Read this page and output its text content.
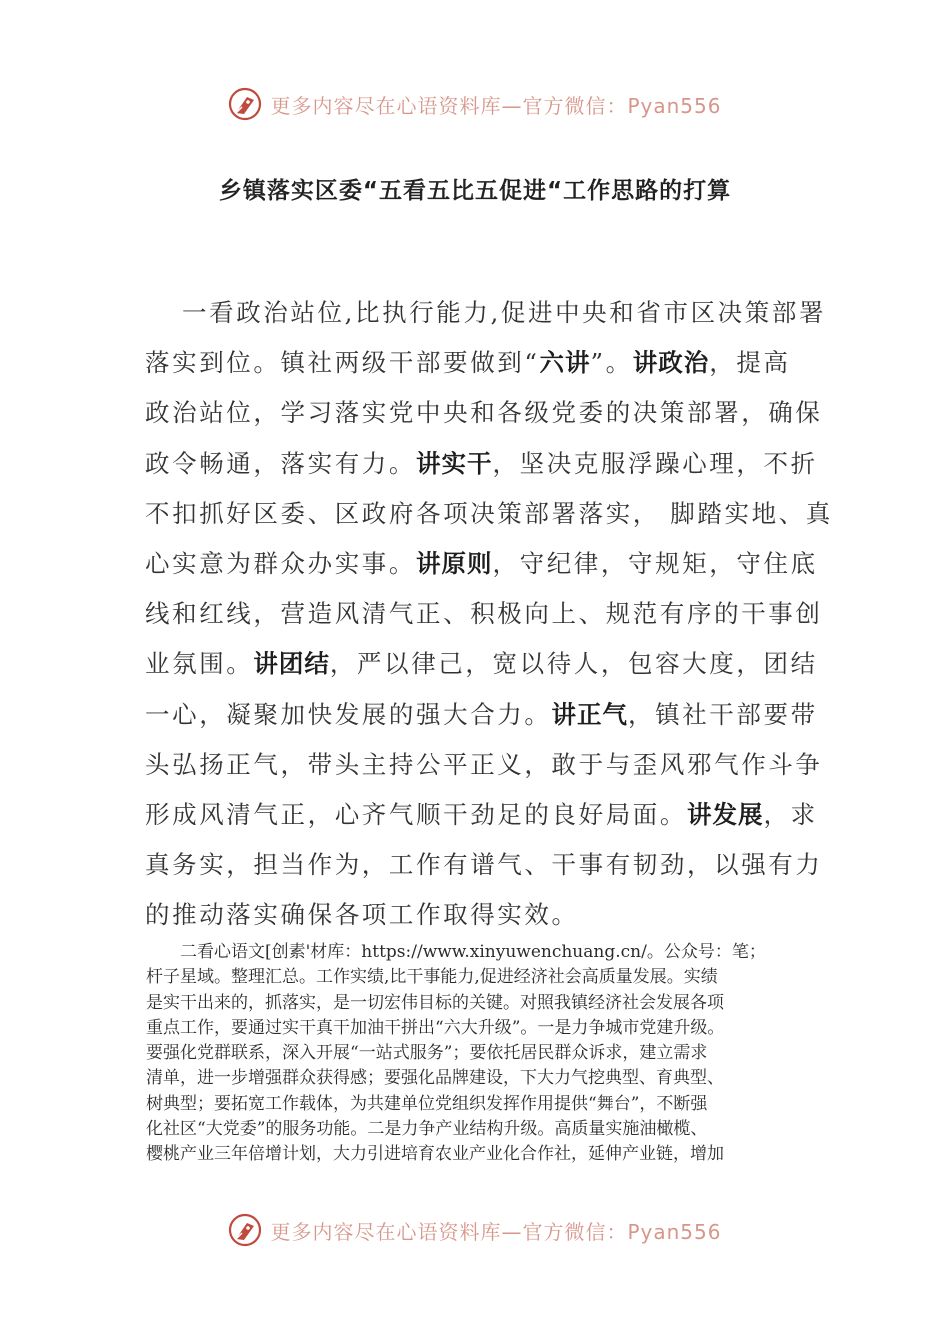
更多内容尽在心语资料库—官方微信：Pyan556
乡镇落实区委“五看五比五促进“工作思路的打算
一看政治站位,比执行能力,促进中央和省市区决策部署
落实到位。镇社两级干部要做到“六讲”。讲政治，提高
政治站位，学习落实党中央和各级党委的决策部署，确保
政令畅通，落实有力。讲实干，坚决克服浮躁心理，不折
不扣抓好区委、区政府各项决策部署落实， 脚踏实地、真
心实意为群众办实事。讲原则，守纪律，守规矩，守住底
线和红线，营造风清气正、积极向上、规范有序的干事创
业氛围。讲团结，严以律己，宽以待人，包容大度，团结
一心，凝聚加快发展的强大合力。讲正气，镇社干部要带
头弘扬正气，带头主持公平正义，敢于与歪风邪气作斗争
形成风清气正，心齐气顺干劲足的良好局面。讲发展，求
真务实，担当作为，工作有谱气、干事有韧劲，以强有力
的推动落实确保各项工作取得实效。
二看心语文[创素'材库：https://www.xinyuwenchuang.cn/。公众号：笔；
杆子星域。整理汇总。工作实绩,比干事能力,促进经济社会高质量发展。实绩
是实干出来的，抓落实，是一切宏伟目标的关键。对照我镇经济社会发展各项
重点工作，要通过实干真干加油干拼出“六大升级”。一是力争城市党建升级。
要强化党群联系，深入开展“一站式服务”；要依托居民群众诉求，建立需求
清单，进一步增强群众获得感；要强化品牌建设，下大力气挖典型、育典型、
树典型；要拓宽工作载体，为共建单位党组织发挥作用提供“舞台”，不断强
化社区“大党委”的服务功能。二是力争产业结构升级。高质量实施油橄榄、
樱桃产业三年倍增计划，大力引进培育农业产业化合作社，延伸产业链，增加
更多内容尽在心语资料库—官方微信：Pyan556
